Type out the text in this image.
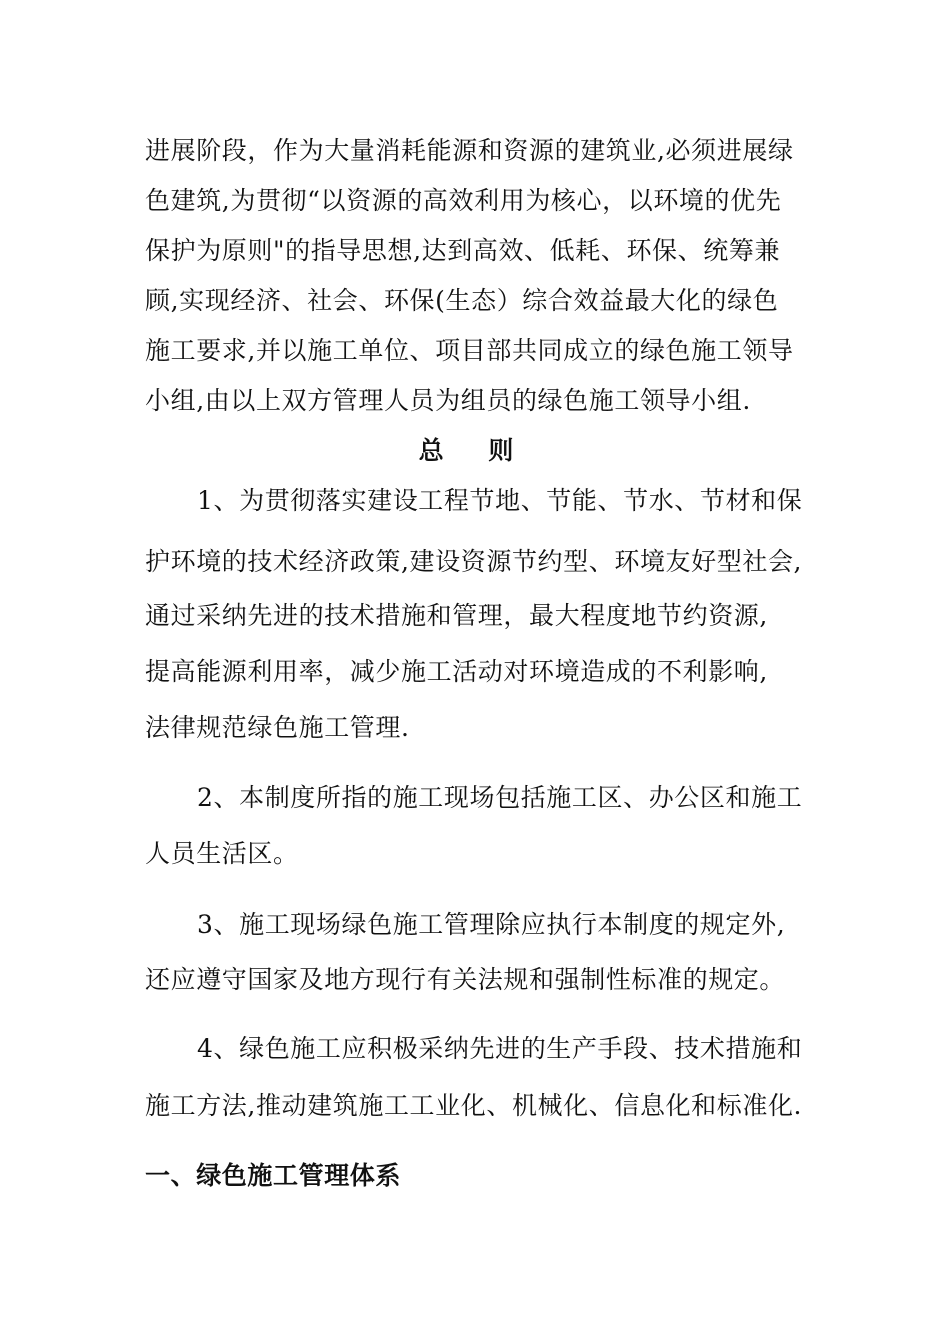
进展阶段，作为大量消耗能源和资源的建筑业,必须进展绿
色建筑,为贯彻“以资源的高效利用为核心，以环境的优先
保护为原则"的指导思想,达到高效、低耗、环保、统筹兼
顾,实现经济、社会、环保(生态）综合效益最大化的绿色
施工要求,并以施工单位、项目部共同成立的绿色施工领导
小组,由以上双方管理人员为组员的绿色施工领导小组.
总 则
1、为贯彻落实建设工程节地、节能、节水、节材和保
护环境的技术经济政策,建设资源节约型、环境友好型社会,
通过采纳先进的技术措施和管理，最大程度地节约资源,
提高能源利用率，减少施工活动对环境造成的不利影响,
法律规范绿色施工管理.
2、本制度所指的施工现场包括施工区、办公区和施工
人员生活区。
3、施工现场绿色施工管理除应执行本制度的规定外,
还应遵守国家及地方现行有关法规和强制性标准的规定。
4、绿色施工应积极采纳先进的生产手段、技术措施和
施工方法,推动建筑施工工业化、机械化、信息化和标准化.
一、绿色施工管理体系
